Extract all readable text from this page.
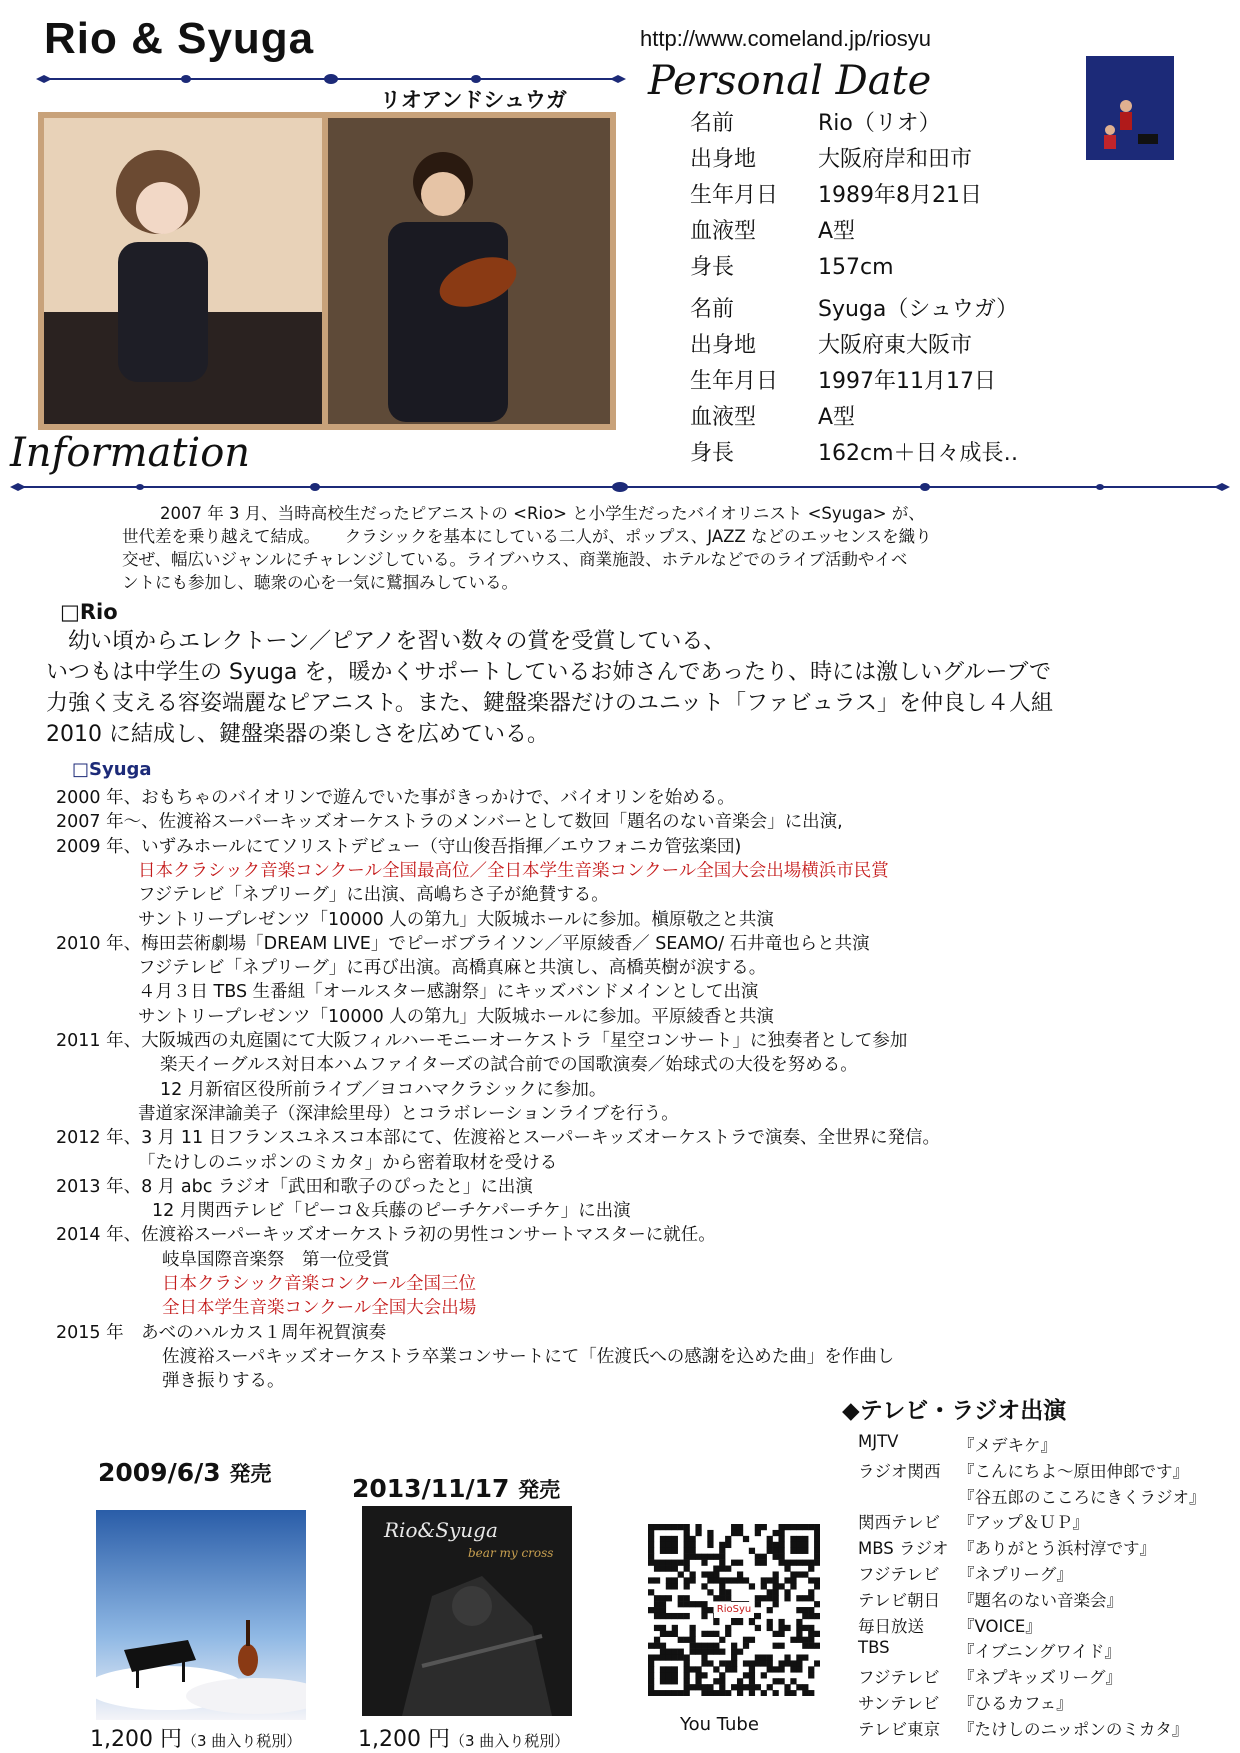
Rio & Syuga
リオアンドシュウガ
http://www.comeland.jp/riosyu
Personal Date
名前	Rio（リオ）
出身地	大阪府岸和田市
生年月日 1989年8月21日
血液型	A型
身長	157cm
名前	Syuga（シュウガ）
出身地	大阪府東大阪市
生年月日 1997年11月17日
血液型	A型
身長	162cm＋日々成長‥
Information
2007 年 3 月、当時高校生だったピアニストの <Rio> と小学生だったバイオリニスト <Syuga> が、
世代差を乗り越えて結成。　　クラシックを基本にしている二人が、ポップス、JAZZ などのエッセンスを織り
交ぜ、幅広いジャンルにチャレンジしている。ライブハウス、商業施設、ホテルなどでのライブ活動やイベ
ントにも参加し、聴衆の心を一気に鷲掴みしている。
□Rio
　幼い頃からエレクトーン／ピアノを習い数々の賞を受賞している、
いつもは中学生の Syuga を，暖かくサポートしているお姉さんであったり、時には激しいグルーブで
力強く支える容姿端麗なピアニスト。また、鍵盤楽器だけのユニット「ファビュラス」を仲良し４人組
2010 に結成し、鍵盤楽器の楽しさを広めている。
□Syuga
2000 年、おもちゃのバイオリンで遊んでいた事がきっかけで、バイオリンを始める。
2007 年〜、佐渡裕スーパーキッズオーケストラのメンバーとして数回「題名のない音楽会」に出演,
2009 年、いずみホールにてソリストデビュー（守山俊吾指揮／エウフォニカ管弦楽団)
日本クラシック音楽コンクール全国最高位／全日本学生音楽コンクール全国大会出場横浜市民賞
フジテレビ「ネプリーグ」に出演、高嶋ちさ子が絶賛する。
サントリープレゼンツ「10000 人の第九」大阪城ホールに参加。槇原敬之と共演
2010 年、梅田芸術劇場「DREAM LIVE」でピーボブライソン／平原綾香／ SEAMO/ 石井竜也らと共演
フジテレビ「ネプリーグ」に再び出演。高橋真麻と共演し、高橋英樹が涙する。
４月３日 TBS 生番組「オールスター感謝祭」にキッズバンドメインとして出演
サントリープレゼンツ「10000 人の第九」大阪城ホールに参加。平原綾香と共演
2011 年、大阪城西の丸庭園にて大阪フィルハーモニーオーケストラ「星空コンサート」に独奏者として参加
楽天イーグルス対日本ハムファイターズの試合前での国歌演奏／始球式の大役を努める。
12 月新宿区役所前ライブ／ヨコハマクラシックに参加。
書道家深津諭美子（深津絵里母）とコラボレーションライブを行う。
2012 年、3 月 11 日フランスユネスコ本部にて、佐渡裕とスーパーキッズオーケストラで演奏、全世界に発信。
「たけしのニッポンのミカタ」から密着取材を受ける
2013 年、8 月 abc ラジオ「武田和歌子のぴったと」に出演
12 月関西テレビ「ピーコ＆兵藤のピーチケパーチケ」に出演
2014 年、佐渡裕スーパーキッズオーケストラ初の男性コンサートマスターに就任。
岐阜国際音楽祭　第一位受賞
日本クラシック音楽コンクール全国三位
全日本学生音楽コンクール全国大会出場
2015 年　あべのハルカス１周年祝賀演奏
佐渡裕スーパキッズオーケストラ卒業コンサートにて「佐渡氏への感謝を込めた曲」を作曲し
弾き振りする。
◆テレビ・ラジオ出演
MJTV	『メデキケ』
ラジオ関西 『こんにちよ〜原田伸郎です』
『谷五郎のこころにきくラジオ』
関西テレビ 『アップ＆ＵＰ』
MBS ラジオ 『ありがとう浜村淳です』
フジテレビ 『ネプリーグ』
テレビ朝日 『題名のない音楽会』
毎日放送 『VOICE』
TBS	『イブニングワイド』
フジテレビ 『ネプキッズリーグ』
サンテレビ 『ひるカフェ』
テレビ東京 『たけしのニッポンのミカタ』
2009/6/3 発売	2013/11/17 発売
Rio&Syuga
bear my cross
1,200 円（3 曲入り税別）	1,200 円（3 曲入り税別）
RioSyu
You Tube
